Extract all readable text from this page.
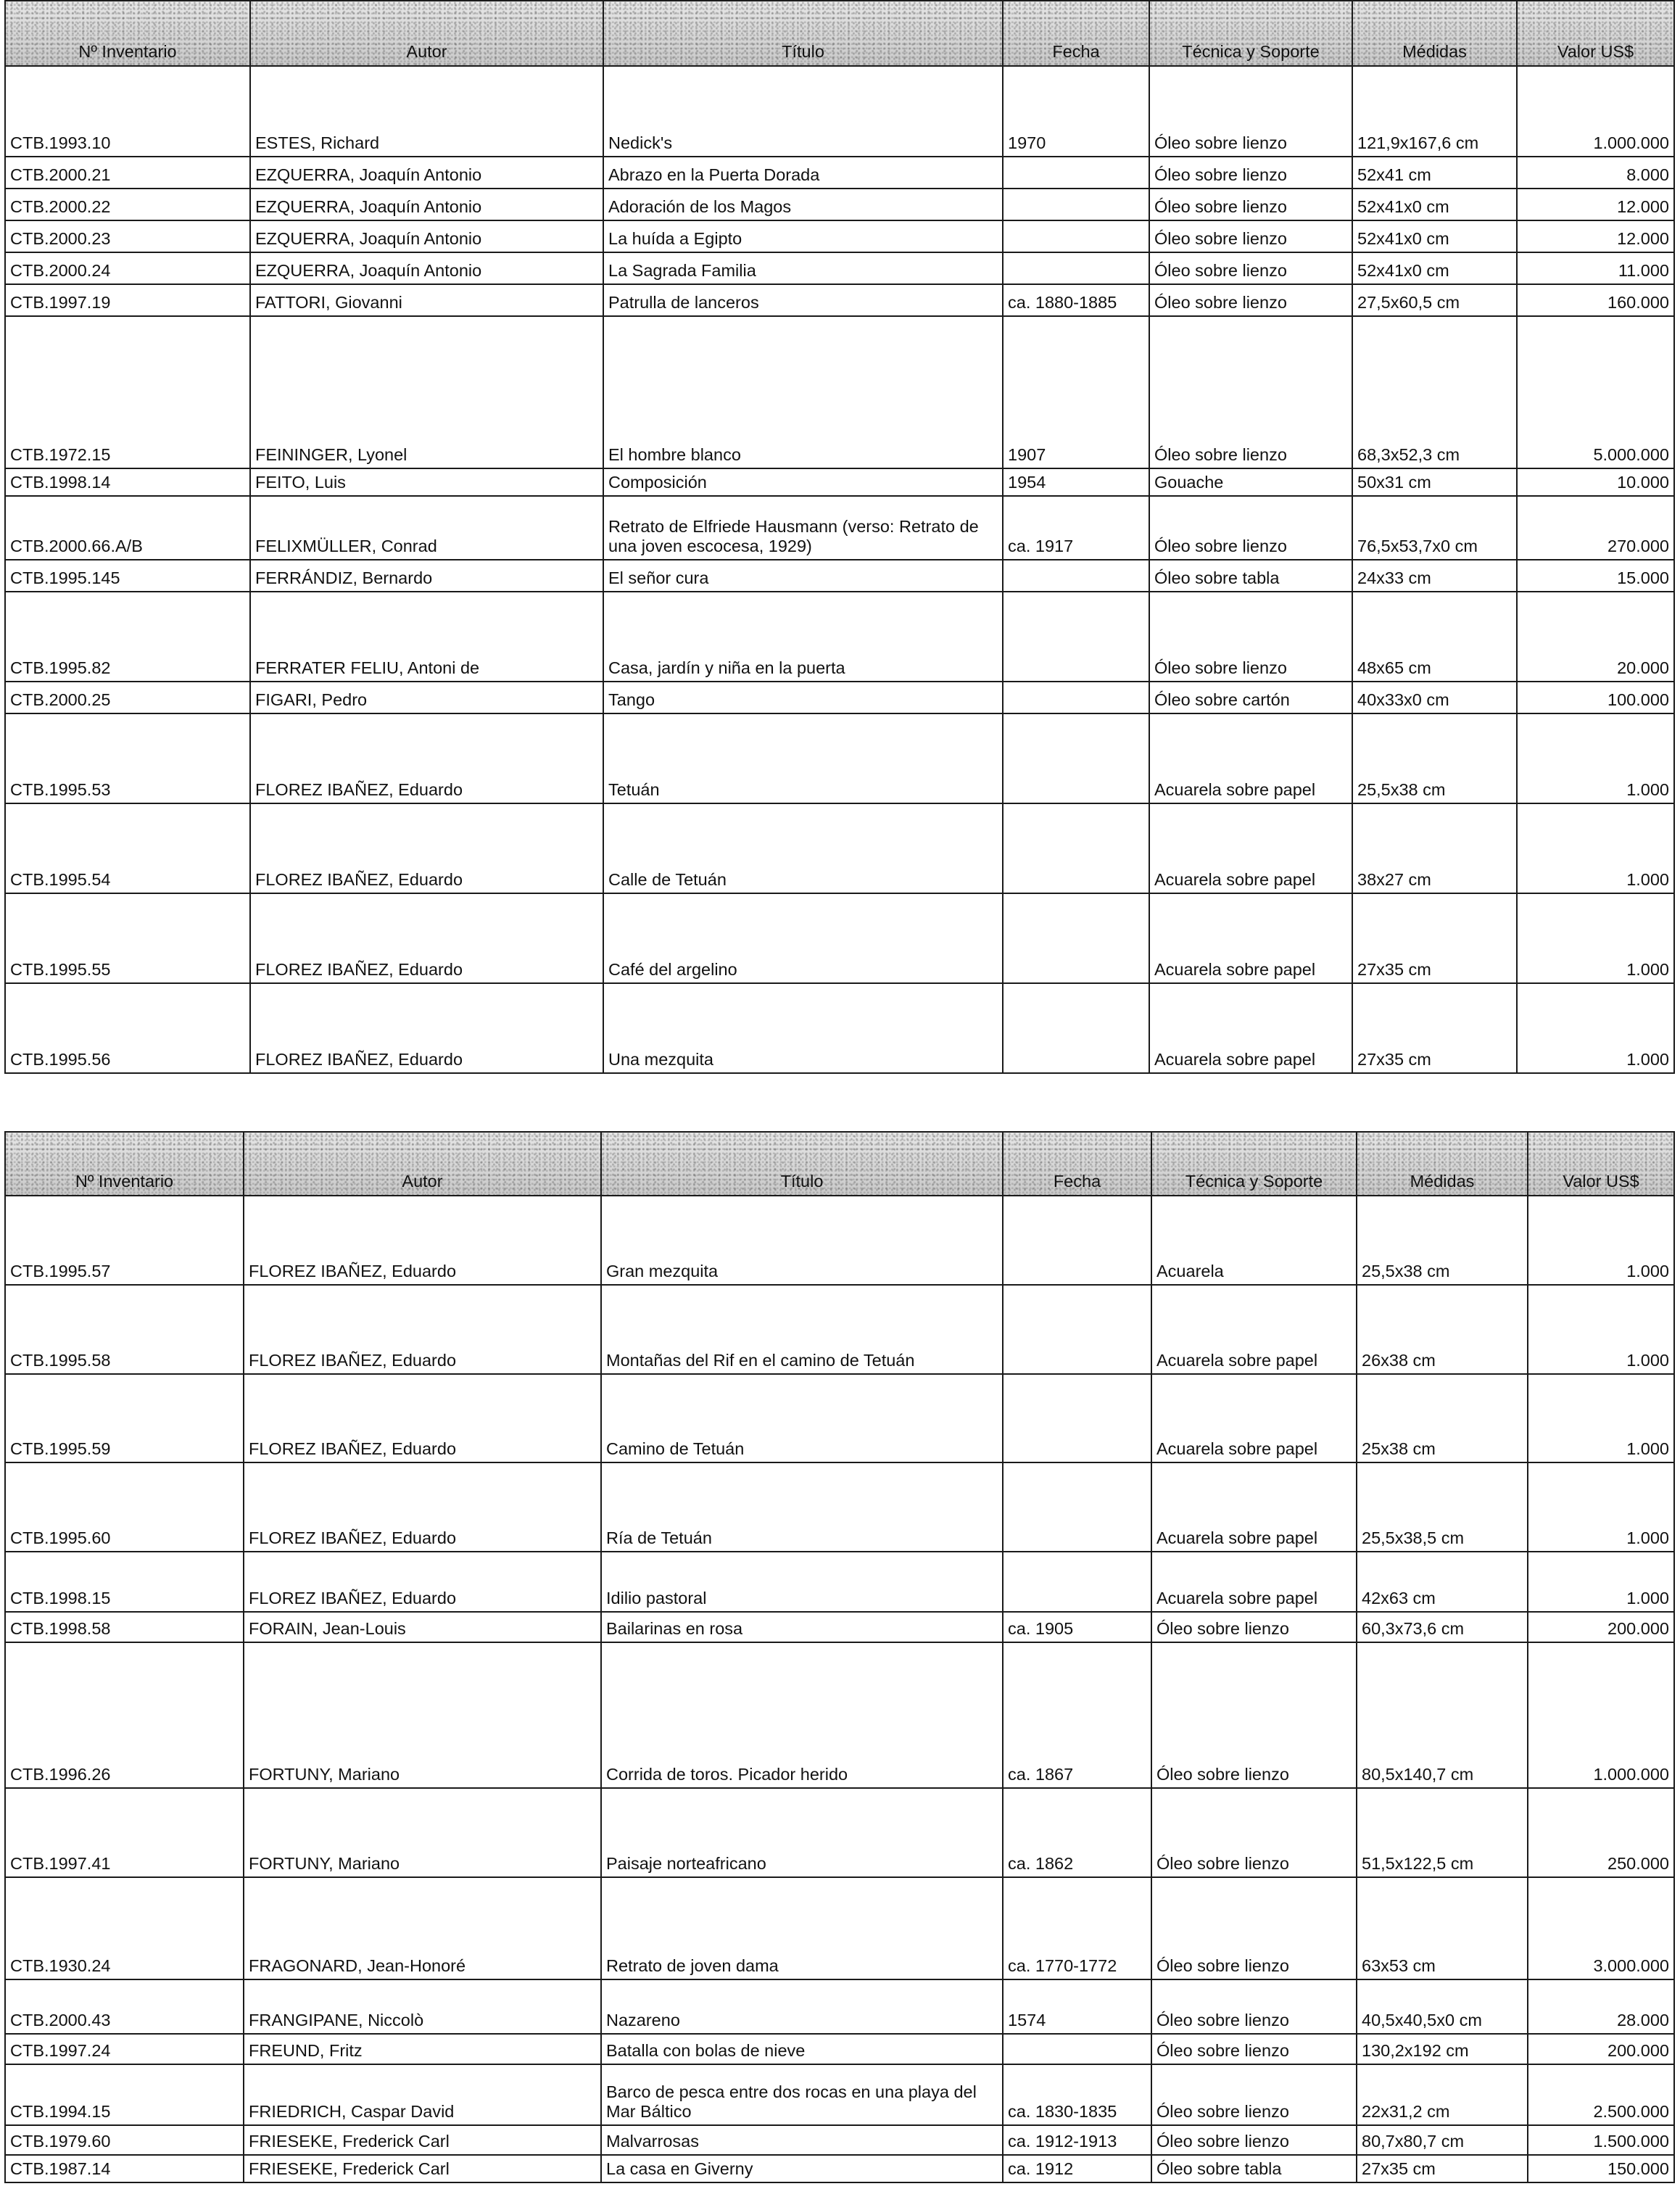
Nº Inventario	Autor	Título	Fecha	Técnica y Soporte	Médidas	Valor US$
CTB.1993.10	ESTES, Richard	Nedick's	1970	Óleo sobre lienzo	121,9x167,6 cm	1.000.000
CTB.2000.21	EZQUERRA, Joaquín Antonio	Abrazo en la Puerta Dorada		Óleo sobre lienzo	52x41 cm	8.000
CTB.2000.22	EZQUERRA, Joaquín Antonio	Adoración de los Magos		Óleo sobre lienzo	52x41x0 cm	12.000
CTB.2000.23	EZQUERRA, Joaquín Antonio	La huída a Egipto		Óleo sobre lienzo	52x41x0 cm	12.000
CTB.2000.24	EZQUERRA, Joaquín Antonio	La Sagrada Familia		Óleo sobre lienzo	52x41x0 cm	11.000
CTB.1997.19	FATTORI, Giovanni	Patrulla de lanceros	ca. 1880-1885	Óleo sobre lienzo	27,5x60,5 cm	160.000
CTB.1972.15	FEININGER, Lyonel	El hombre blanco	1907	Óleo sobre lienzo	68,3x52,3 cm	5.000.000
CTB.1998.14	FEITO, Luis	Composición	1954	Gouache	50x31 cm	10.000
CTB.2000.66.A/B	FELIXMÜLLER, Conrad	Retrato de Elfriede Hausmann (verso: Retrato de una joven escocesa, 1929)	ca. 1917	Óleo sobre lienzo	76,5x53,7x0 cm	270.000
CTB.1995.145	FERRÁNDIZ, Bernardo	El señor cura		Óleo sobre tabla	24x33 cm	15.000
CTB.1995.82	FERRATER FELIU, Antoni de	Casa, jardín y niña en la puerta		Óleo sobre lienzo	48x65 cm	20.000
CTB.2000.25	FIGARI, Pedro	Tango		Óleo sobre cartón	40x33x0 cm	100.000
CTB.1995.53	FLOREZ IBAÑEZ, Eduardo	Tetuán		Acuarela sobre papel	25,5x38 cm	1.000
CTB.1995.54	FLOREZ IBAÑEZ, Eduardo	Calle de Tetuán		Acuarela sobre papel	38x27 cm	1.000
CTB.1995.55	FLOREZ IBAÑEZ, Eduardo	Café del argelino		Acuarela sobre papel	27x35 cm	1.000
CTB.1995.56	FLOREZ IBAÑEZ, Eduardo	Una mezquita		Acuarela sobre papel	27x35 cm	1.000
Nº Inventario	Autor	Título	Fecha	Técnica y Soporte	Médidas	Valor US$
CTB.1995.57	FLOREZ IBAÑEZ, Eduardo	Gran mezquita		Acuarela	25,5x38 cm	1.000
CTB.1995.58	FLOREZ IBAÑEZ, Eduardo	Montañas del Rif en el camino de Tetuán		Acuarela sobre papel	26x38 cm	1.000
CTB.1995.59	FLOREZ IBAÑEZ, Eduardo	Camino de Tetuán		Acuarela sobre papel	25x38 cm	1.000
CTB.1995.60	FLOREZ IBAÑEZ, Eduardo	Ría de Tetuán		Acuarela sobre papel	25,5x38,5 cm	1.000
CTB.1998.15	FLOREZ IBAÑEZ, Eduardo	Idilio pastoral		Acuarela sobre papel	42x63 cm	1.000
CTB.1998.58	FORAIN, Jean-Louis	Bailarinas en rosa	ca. 1905	Óleo sobre lienzo	60,3x73,6 cm	200.000
CTB.1996.26	FORTUNY, Mariano	Corrida de toros. Picador herido	ca. 1867	Óleo sobre lienzo	80,5x140,7 cm	1.000.000
CTB.1997.41	FORTUNY, Mariano	Paisaje norteafricano	ca. 1862	Óleo sobre lienzo	51,5x122,5 cm	250.000
CTB.1930.24	FRAGONARD, Jean-Honoré	Retrato de joven dama	ca. 1770-1772	Óleo sobre lienzo	63x53 cm	3.000.000
CTB.2000.43	FRANGIPANE, Niccolò	Nazareno	1574	Óleo sobre lienzo	40,5x40,5x0 cm	28.000
CTB.1997.24	FREUND, Fritz	Batalla con bolas de nieve		Óleo sobre lienzo	130,2x192 cm	200.000
CTB.1994.15	FRIEDRICH, Caspar David	Barco de pesca entre dos rocas en una playa del Mar Báltico	ca. 1830-1835	Óleo sobre lienzo	22x31,2 cm	2.500.000
CTB.1979.60	FRIESEKE, Frederick Carl	Malvarrosas	ca. 1912-1913	Óleo sobre lienzo	80,7x80,7 cm	1.500.000
CTB.1987.14	FRIESEKE, Frederick Carl	La casa en Giverny	ca. 1912	Óleo sobre tabla	27x35 cm	150.000
